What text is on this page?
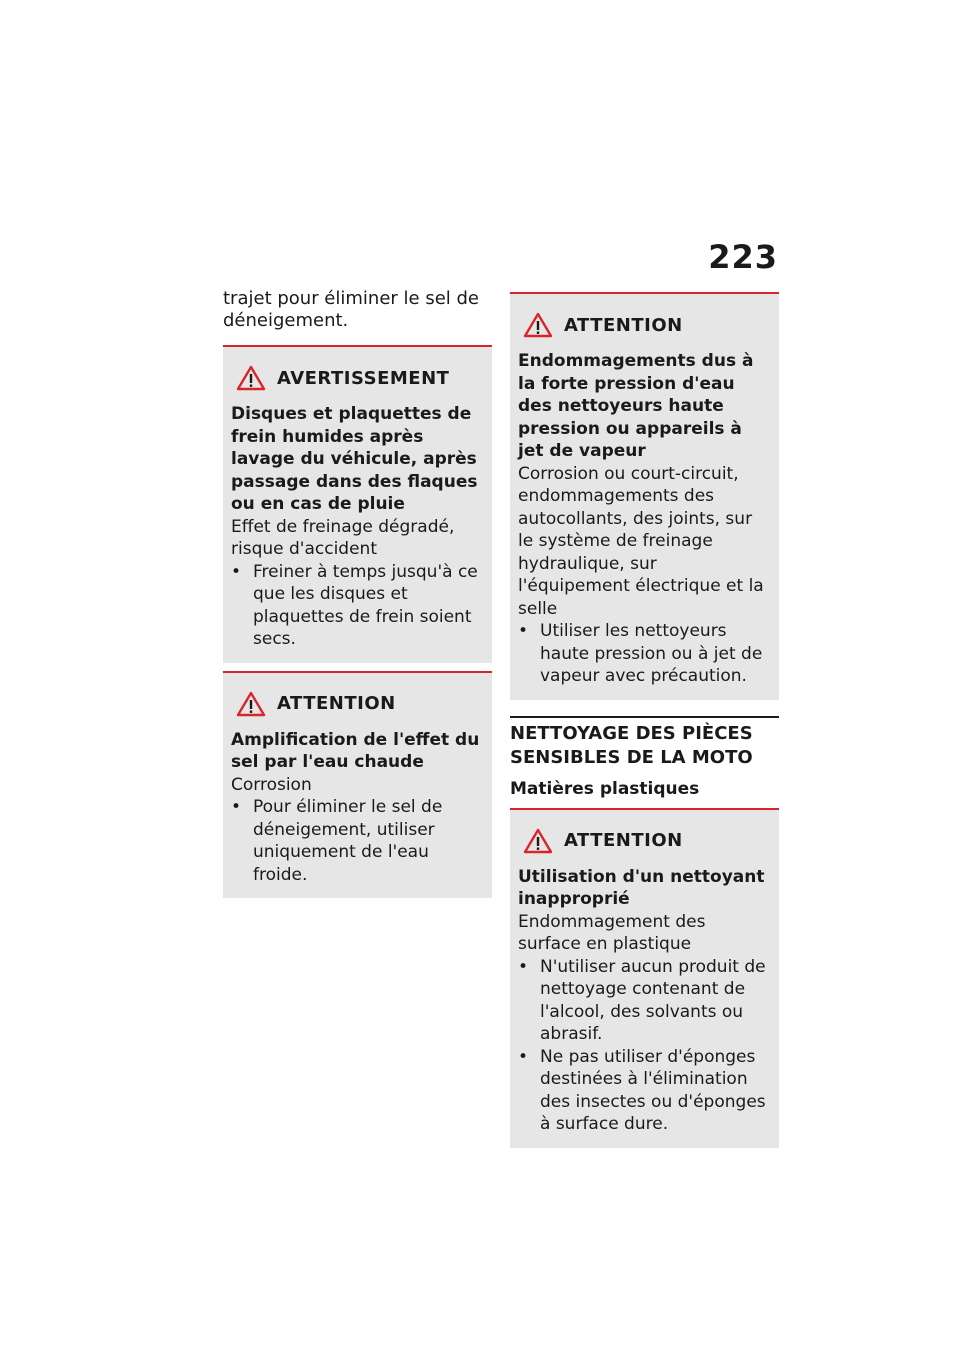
223

trajet pour éliminer le sel de déneigement.

AVERTISSEMENT

Disques et plaquettes de frein humides après lavage du véhicule, après passage dans des flaques ou en cas de pluie

Effet de freinage dégradé, risque d'accident

• Freiner à temps jusqu'à ce que les disques et plaquettes de frein soient secs.
ATTENTION

Amplification de l'effet du sel par l'eau chaude

Corrosion

• Pour éliminer le sel de déneigement, utiliser uniquement de l'eau froide.
ATTENTION

Endommagements dus à la forte pression d'eau des nettoyeurs haute pression ou appareils à jet de vapeur

Corrosion ou court-circuit, endommagements des autocollants, des joints, sur le système de freinage hydraulique, sur l'équipement électrique et la selle

• Utiliser les nettoyeurs haute pression ou à jet de vapeur avec précaution.
NETTOYAGE DES PIÈCES SENSIBLES DE LA MOTO
Matières plastiques
ATTENTION

Utilisation d'un nettoyant inapproprié

Endommagement des surface en plastique

• N'utiliser aucun produit de nettoyage contenant de l'alcool, des solvants ou abrasif.
• Ne pas utiliser d'éponges destinées à l'élimination des insectes ou d'éponges à surface dure.
